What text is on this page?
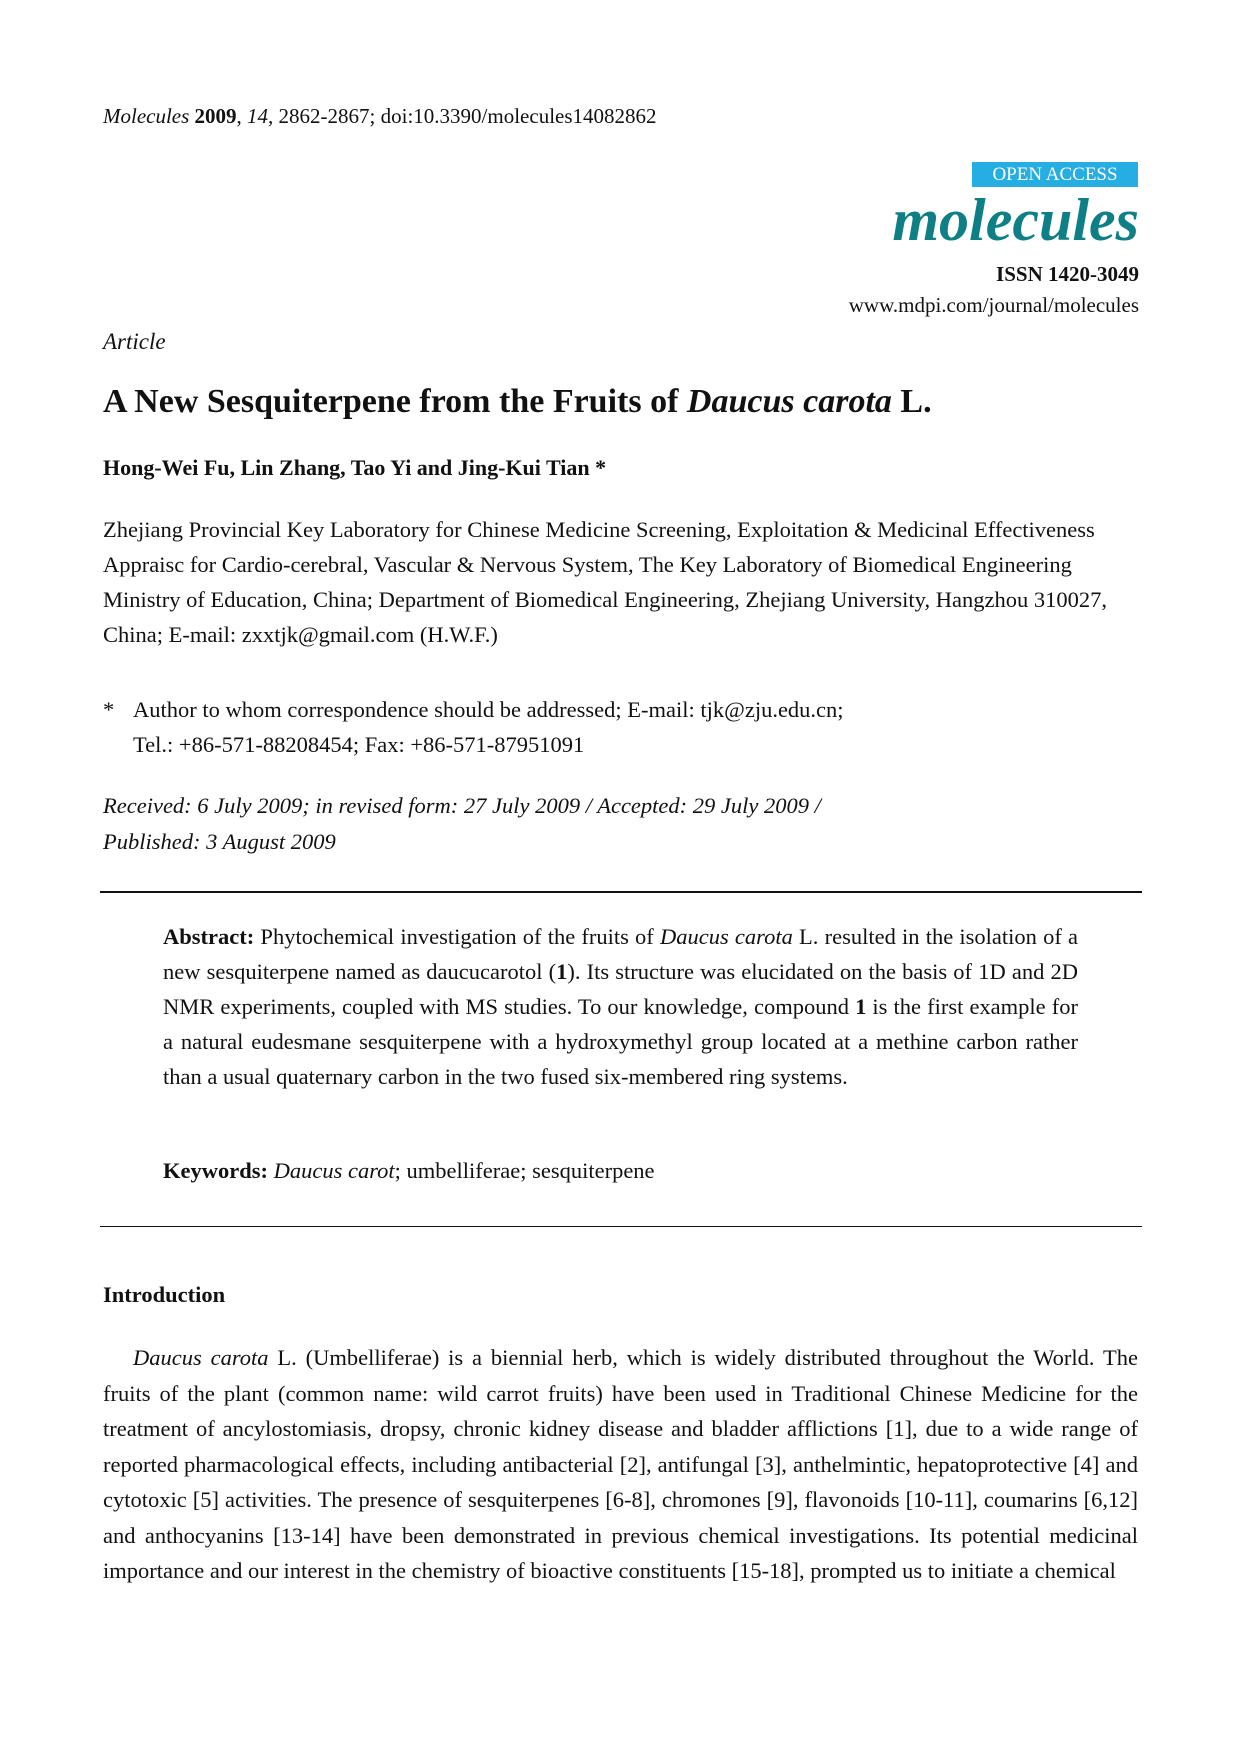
Molecules 2009, 14, 2862-2867; doi:10.3390/molecules14082862
OPEN ACCESS
molecules
ISSN 1420-3049
www.mdpi.com/journal/molecules
Article
A New Sesquiterpene from the Fruits of Daucus carota L.
Hong-Wei Fu, Lin Zhang, Tao Yi and Jing-Kui Tian *
Zhejiang Provincial Key Laboratory for Chinese Medicine Screening, Exploitation & Medicinal Effectiveness Appraisc for Cardio-cerebral, Vascular & Nervous System, The Key Laboratory of Biomedical Engineering Ministry of Education, China; Department of Biomedical Engineering, Zhejiang University, Hangzhou 310027, China; E-mail: zxxtjk@gmail.com (H.W.F.)
* Author to whom correspondence should be addressed; E-mail: tjk@zju.edu.cn;
Tel.: +86-571-88208454; Fax: +86-571-87951091
Received: 6 July 2009; in revised form: 27 July 2009 / Accepted: 29 July 2009 /
Published: 3 August 2009
Abstract: Phytochemical investigation of the fruits of Daucus carota L. resulted in the isolation of a new sesquiterpene named as daucucarotol (1). Its structure was elucidated on the basis of 1D and 2D NMR experiments, coupled with MS studies. To our knowledge, compound 1 is the first example for a natural eudesmane sesquiterpene with a hydroxymethyl group located at a methine carbon rather than a usual quaternary carbon in the two fused six-membered ring systems.
Keywords: Daucus carot; umbelliferae; sesquiterpene
Introduction
Daucus carota L. (Umbelliferae) is a biennial herb, which is widely distributed throughout the World. The fruits of the plant (common name: wild carrot fruits) have been used in Traditional Chinese Medicine for the treatment of ancylostomiasis, dropsy, chronic kidney disease and bladder afflictions [1], due to a wide range of reported pharmacological effects, including antibacterial [2], antifungal [3], anthelmintic, hepatoprotective [4] and cytotoxic [5] activities. The presence of sesquiterpenes [6-8], chromones [9], flavonoids [10-11], coumarins [6,12] and anthocyanins [13-14] have been demonstrated in previous chemical investigations. Its potential medicinal importance and our interest in the chemistry of bioactive constituents [15-18], prompted us to initiate a chemical
